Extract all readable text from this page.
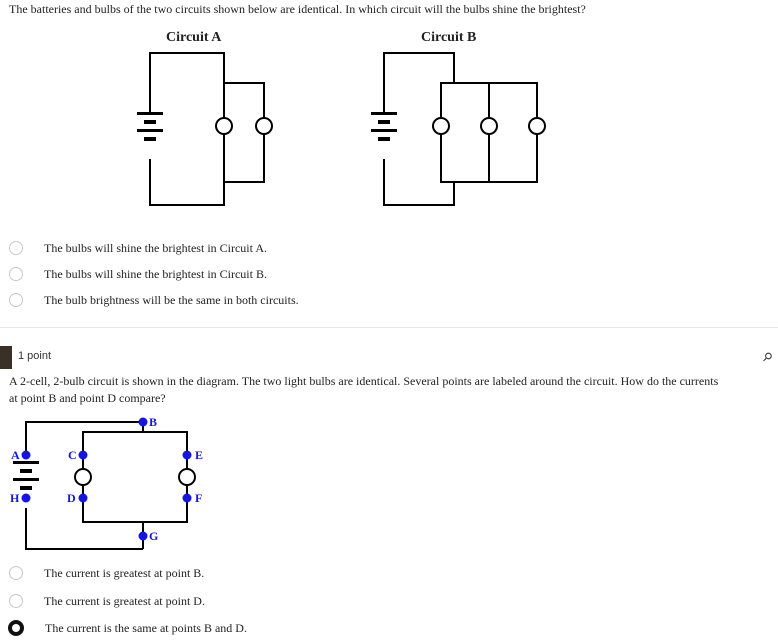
The batteries and bulbs of the two circuits shown below are identical. In which circuit will the bulbs shine the brightest?
Circuit A	Circuit B
The bulbs will shine the brightest in Circuit A.
The bulbs will shine the brightest in Circuit B.
The bulb brightness will be the same in both circuits.
1 point	⚲
A 2-cell, 2-bulb circuit is shown in the diagram. The two light bulbs are identical. Several points are labeled around the circuit. How do the currents
at point B and point D compare?
A
B
C
D
E
F
G
H
The current is greatest at point B.
The current is greatest at point D.
The current is the same at points B and D.
